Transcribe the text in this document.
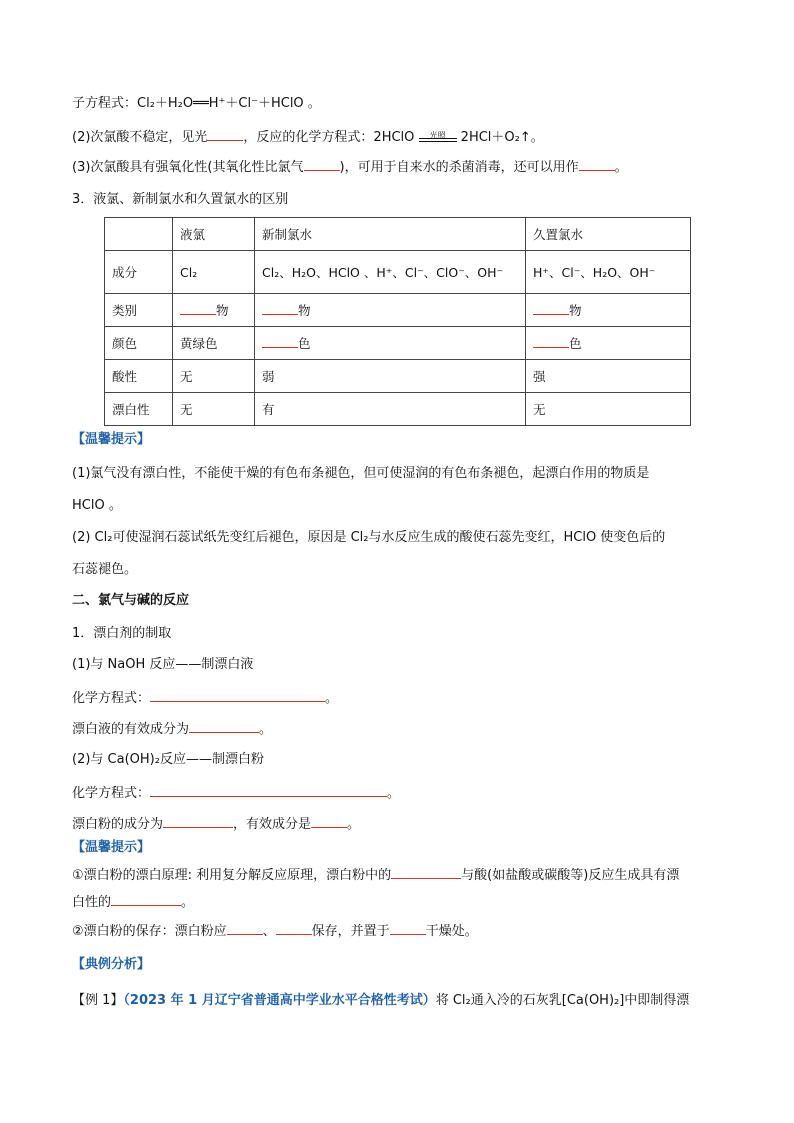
子方程式：Cl₂＋H₂O══H⁺＋Cl⁻＋HClO 。
(2)次氯酸不稳定，见光	，反应的化学方程式：2HClO	光照	2HCl＋O₂↑。
(3)次氯酸具有强氧化性(其氧化性比氯气	)，可用于自来水的杀菌消毒，还可以用作	。
3．液氯、新制氯水和久置氯水的区别
	液氯	新制氯水	久置氯水
成分	Cl₂	Cl₂、H₂O、HClO 、H⁺、Cl⁻、ClO⁻、OH⁻	H⁺、Cl⁻、H₂O、OH⁻
类别	物	物	物
颜色	黄绿色	色	色
酸性	无	弱	强
漂白性	无	有	无
【温馨提示】
(1)氯气没有漂白性，不能使干燥的有色布条褪色，但可使湿润的有色布条褪色，起漂白作用的物质是
HClO 。
(2) Cl₂可使湿润石蕊试纸先变红后褪色，原因是 Cl₂与水反应生成的酸使石蕊先变红，HClO 使变色后的
石蕊褪色。
二、氯气与碱的反应
1．漂白剂的制取
(1)与 NaOH 反应——制漂白液
化学方程式：	。
漂白液的有效成分为	。
(2)与 Ca(OH)₂反应——制漂白粉
化学方程式：	。
漂白粉的成分为	，有效成分是	。
【温馨提示】
①漂白粉的漂白原理: 利用复分解反应原理，漂白粉中的	与酸(如盐酸或碳酸等)反应生成具有漂
白性的	。
②漂白粉的保存：漂白粉应	、	保存，并置于	干燥处。
【典例分析】
【例 1】（2023 年 1 月辽宁省普通高中学业水平合格性考试）将 Cl₂通入冷的石灰乳[Ca(OH)₂]中即制得漂
